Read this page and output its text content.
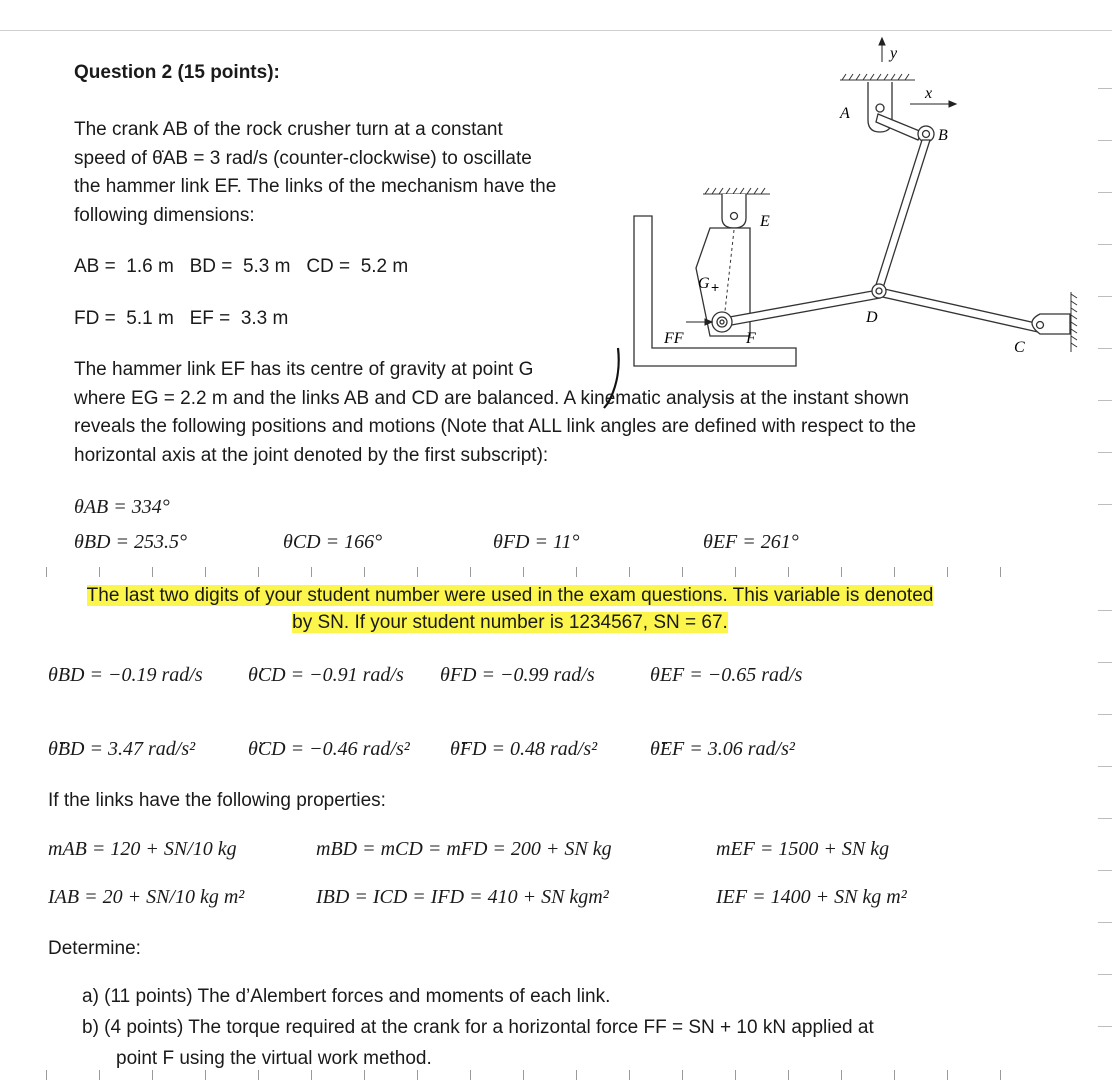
Question 2 (15 points):
The crank AB of the rock crusher turn at a constant
speed of θ̇AB = 3 rad/s (counter-clockwise) to oscillate
the hammer link EF. The links of the mechanism have the
following dimensions:
AB =  1.6 m   BD =  5.3 m   CD =  5.2 m
FD =  5.1 m   EF =  3.3 m
The hammer link EF has its centre of gravity at point G
where EG = 2.2 m and the links AB and CD are balanced. A kinematic analysis at the instant shown
reveals the following positions and motions (Note that ALL link angles are defined with respect to the
horizontal axis at the joint denoted by the first subscript):
y
x
A
B
E
G +
D
F
C
FF
θAB = 334°
θBD = 253.5°	θCD = 166°	θFD = 11°	θEF = 261°
The last two digits of your student number were used in the exam questions. This variable is denoted
by SN. If your student number is 1234567, SN = 67.
θ̇BD = −0.19 rad/s θ̇CD = −0.91 rad/s θ̇FD = −0.99 rad/s	θ̇EF = −0.65 rad/s
θ̈BD = 3.47 rad/s²	θ̈CD = −0.46 rad/s² θ̈FD = 0.48 rad/s²	θ̈EF = 3.06 rad/s²
If the links have the following properties:
mAB = 120 + SN/10 kg	mBD = mCD = mFD = 200 + SN kg	mEF = 1500 + SN kg
IAB = 20 + SN/10 kg m²	IBD = ICD = IFD = 410 + SN kgm²	IEF = 1400 + SN kg m²
Determine:
a) (11 points) The d’Alembert forces and moments of each link.
b) (4 points) The torque required at the crank for a horizontal force FF = SN + 10 kN applied at
point F using the virtual work method.
